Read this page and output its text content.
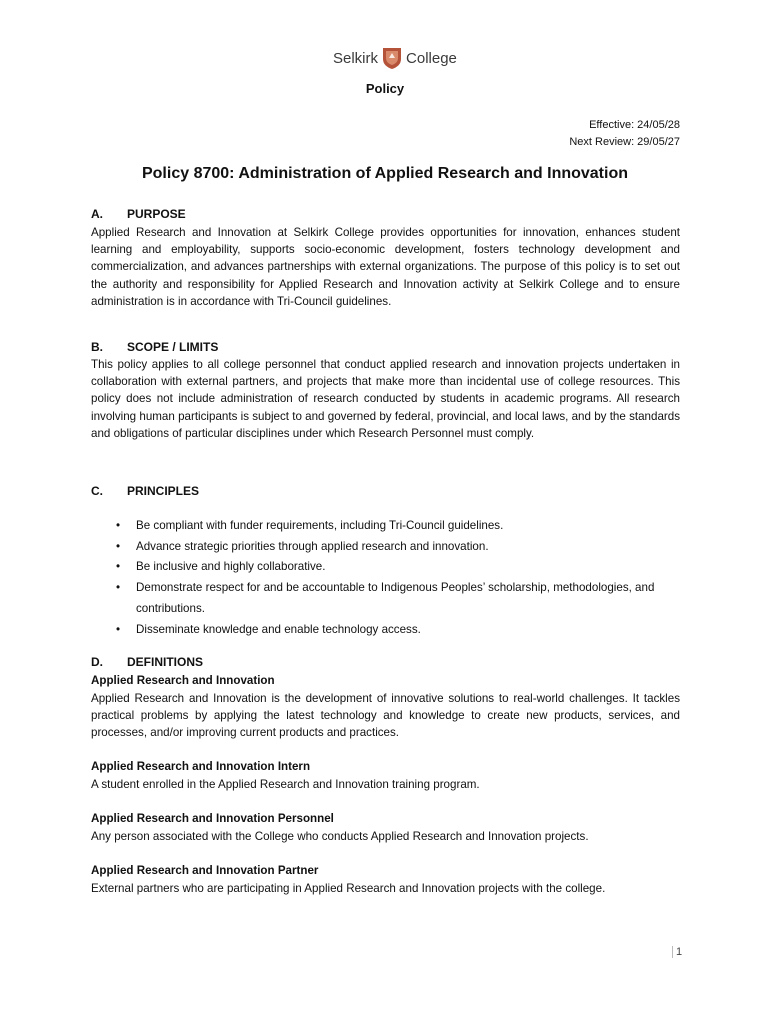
Selkirk College
Policy
Effective: 24/05/28
Next Review: 29/05/27
Policy 8700: Administration of Applied Research and Innovation
A. PURPOSE
Applied Research and Innovation at Selkirk College provides opportunities for innovation, enhances student learning and employability, supports socio-economic development, fosters technology development and commercialization, and advances partnerships with external organizations. The purpose of this policy is to set out the authority and responsibility for Applied Research and Innovation activity at Selkirk College and to ensure administration is in accordance with Tri-Council guidelines.
B. SCOPE / LIMITS
This policy applies to all college personnel that conduct applied research and innovation projects undertaken in collaboration with external partners, and projects that make more than incidental use of college resources. This policy does not include administration of research conducted by students in academic programs. All research involving human participants is subject to and governed by federal, provincial, and local laws, and by the standards and obligations of particular disciplines under which Research Personnel must comply.
C. PRINCIPLES
• Be compliant with funder requirements, including Tri-Council guidelines.
• Advance strategic priorities through applied research and innovation.
• Be inclusive and highly collaborative.
• Demonstrate respect for and be accountable to Indigenous Peoples’ scholarship, methodologies, and contributions.
• Disseminate knowledge and enable technology access.
D. DEFINITIONS
Applied Research and Innovation
Applied Research and Innovation is the development of innovative solutions to real-world challenges. It tackles practical problems by applying the latest technology and knowledge to create new products, services, and processes, and/or improving current products and practices.
Applied Research and Innovation Intern
A student enrolled in the Applied Research and Innovation training program.
Applied Research and Innovation Personnel
Any person associated with the College who conducts Applied Research and Innovation projects.
Applied Research and Innovation Partner
External partners who are participating in Applied Research and Innovation projects with the college.
1
